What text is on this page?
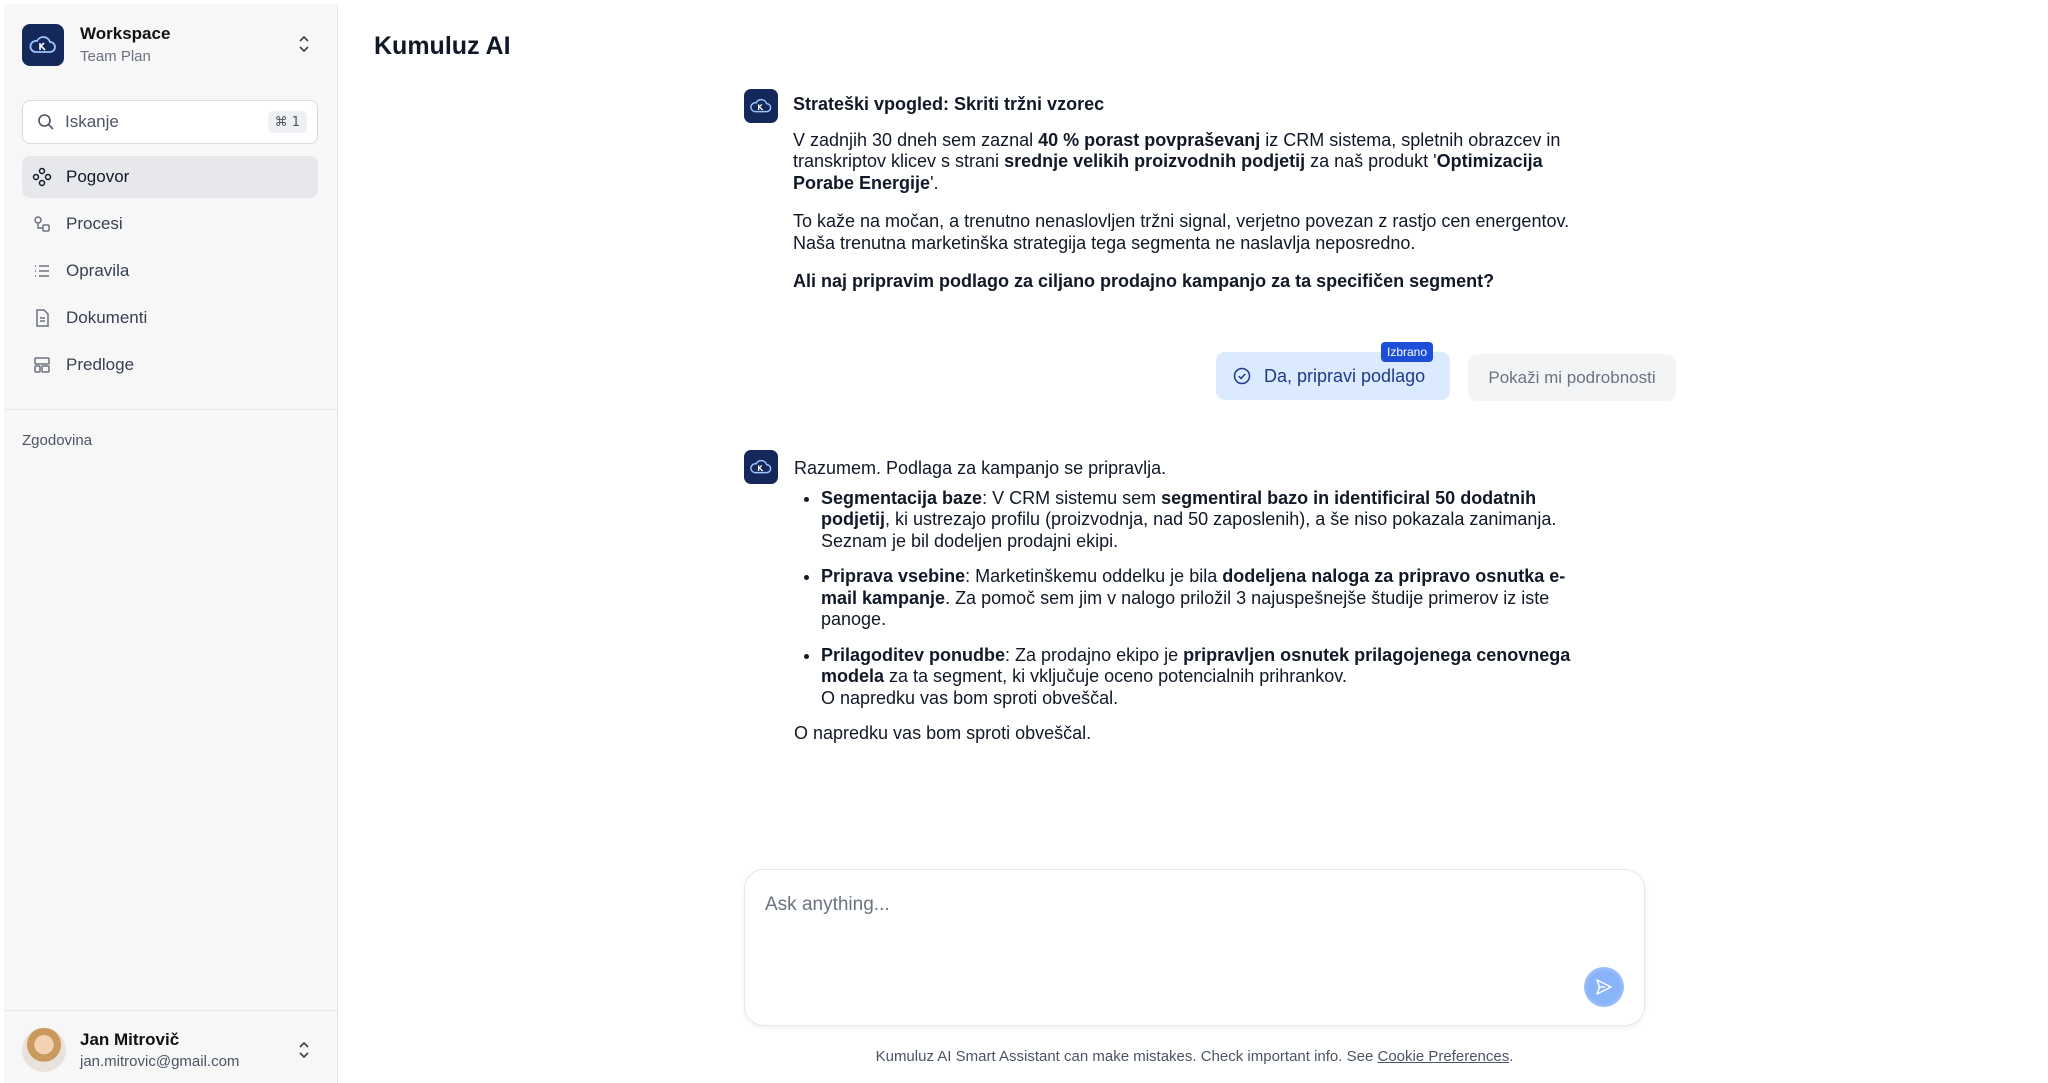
Workspace
Team Plan
Iskanje	⌘ 1
Pogovor
Procesi
Opravila
Dokumenti
Predloge
Zgodovina
Jan Mitrovič
jan.mitrovic@gmail.com
Kumuluz AI

Strateški vpogled: Skriti tržni vzorec

V zadnjih 30 dneh sem zaznal 40 % porast povpraševanj iz CRM sistema, spletnih obrazcev in transkriptov klicev s strani srednje velikih proizvodnih podjetij za naš produkt 'Optimizacija Porabe Energije'.

To kaže na močan, a trenutno nenaslovljen tržni signal, verjetno povezan z rastjo cen energentov. Naša trenutna marketinška strategija tega segmenta ne naslavlja neposredno.

Ali naj pripravim podlago za ciljano prodajno kampanjo za ta specifičen segment?

Da, pripravi podlago
Izbrano
Pokaži mi podrobnosti

Razumem. Podlaga za kampanjo se pripravlja.

• Segmentacija baze: V CRM sistemu sem segmentiral bazo in identificiral 50 dodatnih podjetij, ki ustrezajo profilu (proizvodnja, nad 50 zaposlenih), a še niso pokazala zanimanja. Seznam je bil dodeljen prodajni ekipi.
• Priprava vsebine: Marketinškemu oddelku je bila dodeljena naloga za pripravo osnutka e-mail kampanje. Za pomoč sem jim v nalogo priložil 3 najuspešnejše študije primerov iz iste panoge.
• Prilagoditev ponudbe: Za prodajno ekipo je pripravljen osnutek prilagojenega cenovnega modela za ta segment, ki vključuje oceno potencialnih prihrankov.
O napredku vas bom sproti obveščal.

O napredku vas bom sproti obveščal.

Ask anything...
Kumuluz AI Smart Assistant can make mistakes. Check important info. See Cookie Preferences.
